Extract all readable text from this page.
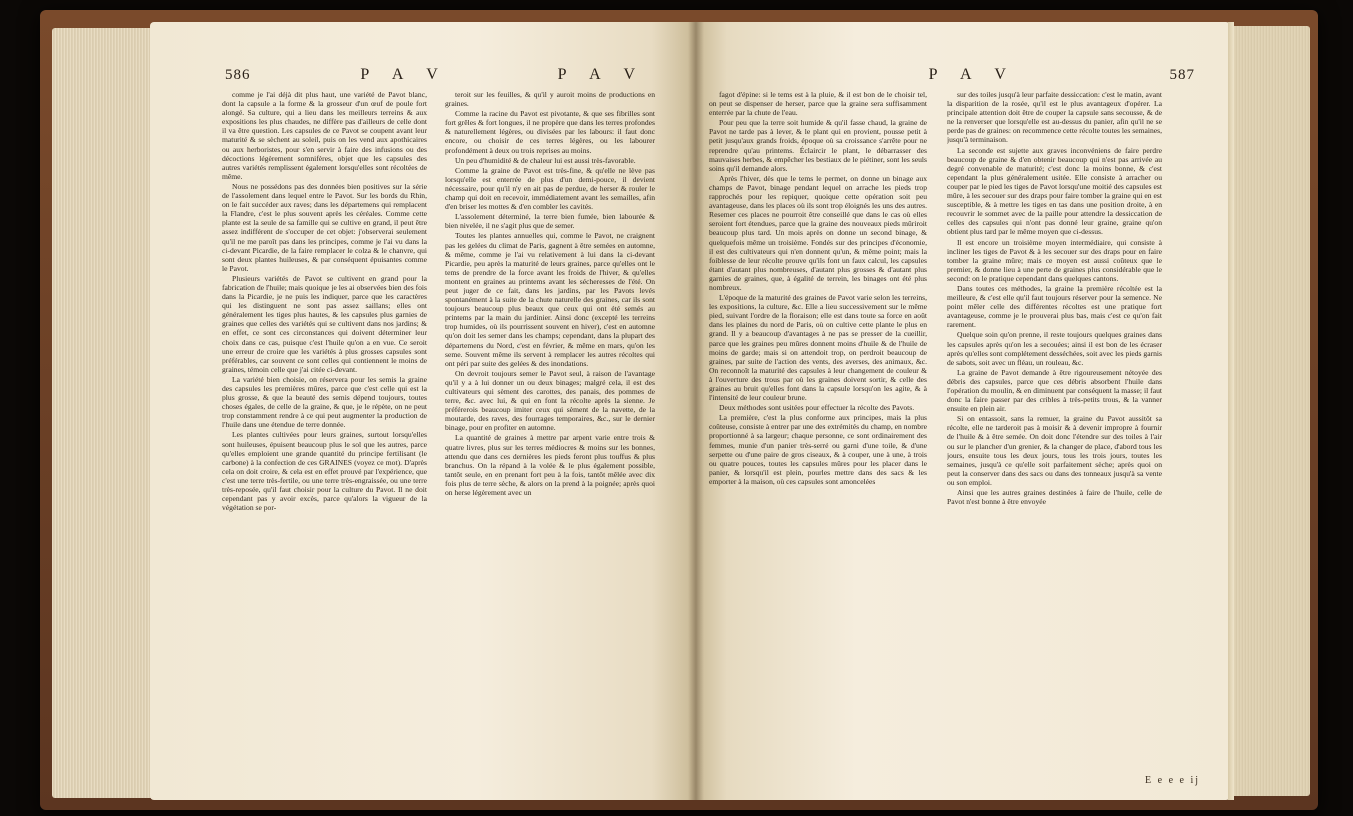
586	P A V	P A V

comme je l'ai déjà dit plus haut, une variété de Pavot blanc, dont la capsule a la forme & la grosseur d'un œuf de poule fort alongé. Sa culture, qui a lieu dans les meilleurs terreins & aux expositions les plus chaudes, ne diffère pas d'ailleurs de celle dont il va être question. Les capsules de ce Pavot se coupent avant leur maturité & se sèchent au soleil, puis on les vend aux apothicaires ou aux herboristes, pour s'en servir à faire des infusions ou des décoctions légèrement somnifères, objet que les capsules des autres variétés remplissent également lorsqu'elles sont récoltées de même.

Nous ne possédons pas des données bien positives sur la série de l'assolement dans lequel entre le Pavot. Sur les bords du Rhin, on le fait succéder aux raves; dans les départemens qui remplacent la Flandre, c'est le plus souvent après les céréales. Comme cette plante est la seule de sa famille qui se cultive en grand, il peut être assez indifférent de s'occuper de cet objet: j'observerai seulement qu'il ne me paroît pas dans les principes, comme je l'ai vu dans la ci-devant Picardie, de la faire remplacer le colza & le chanvre, qui sont deux plantes huileuses, & par conséquent épuisantes comme le Pavot.

Plusieurs variétés de Pavot se cultivent en grand pour la fabrication de l'huile; mais quoique je les ai observées bien des fois dans la Picardie, je ne puis les indiquer, parce que les caractères qui les distinguent ne sont pas assez saillans; elles ont généralement les tiges plus hautes, & les capsules plus garnies de graines que celles des variétés qui se cultivent dans nos jardins; & en effet, ce sont ces circonstances qui doivent déterminer leur choix dans ce cas, puisque c'est l'huile qu'on a en vue. Ce seroit une erreur de croire que les variétés à plus grosses capsules sont préférables, car souvent ce sont celles qui contiennent le moins de graines, témoin celle que j'ai citée ci-devant.

La variété bien choisie, on réservera pour les semis la graine des capsules les premières mûres, parce que c'est celle qui est la plus grosse, & que la beauté des semis dépend toujours, toutes choses égales, de celle de la graine, & que, je le répète, on ne peut trop constamment rendre à ce qui peut augmenter la production de l'huile dans une étendue de terre donnée.

Les plantes cultivées pour leurs graines, surtout lorsqu'elles sont huileuses, épuisent beaucoup plus le sol que les autres, parce qu'elles emploient une grande quantité du principe fertilisant (le carbone) à la confection de ces GRAINES (voyez ce mot). D'après cela on doit croire, & cela est en effet prouvé par l'expérience, que c'est une terre très-fertile, ou une terre très-engraissée, ou une terre très-reposée, qu'il faut choisir pour la culture du Pavot. Il ne doit cependant pas y avoir excès, parce qu'alors la vigueur de la végétation se por-

teroit sur les feuilles, & qu'il y auroit moins de productions en graines.

Comme la racine du Pavot est pivotante, & que ses fibrilles sont fort grêles & fort longues, il ne propère que dans les terres profondes & naturellement légères, ou divisées par les labours: il faut donc encore, ou choisir de ces terres légères, ou les labourer profondément à deux ou trois reprises au moins.

Un peu d'humidité & de chaleur lui est aussi très-favorable.

Comme la graine de Pavot est très-fine, & qu'elle ne lève pas lorsqu'elle est enterrée de plus d'un demi-pouce, il devient nécessaire, pour qu'il n'y en ait pas de perdue, de herser & rouler le champ qui doit en recevoir, immédiatement avant les semailles, afin d'en briser les mottes & d'en combler les cavités.

L'assolement déterminé, la terre bien fumée, bien labourée & bien nivelée, il ne s'agit plus que de semer.

Toutes les plantes annuelles qui, comme le Pavot, ne craignent pas les gelées du climat de Paris, gagnent à être semées en automne, & même, comme je l'ai vu relativement à lui dans la ci-devant Picardie, peu après la maturité de leurs graines, parce qu'elles ont le tems de prendre de la force avant les froids de l'hiver, & qu'elles montent en graines au printems avant les sécheresses de l'été. On peut juger de ce fait, dans les jardins, par les Pavots levés spontanément à la suite de la chute naturelle des graines, car ils sont toujours beaucoup plus beaux que ceux qui ont été semés au printems par la main du jardinier. Ainsi donc (excepté les terreins trop humides, où ils pourrissent souvent en hiver), c'est en automne qu'on doit les semer dans les champs; cependant, dans la plupart des départemens du Nord, c'est en février, & même en mars, qu'on les seme. Souvent même ils servent à remplacer les autres récoltes qui ont péri par suite des gelées & des inondations.

On devroit toujours semer le Pavot seul, à raison de l'avantage qu'il y a à lui donner un ou deux binages; malgré cela, il est des cultivateurs qui sèment des carottes, des panais, des pommes de terre, &c. avec lui, & qui en font la récolte après la sienne. Je préférerois beaucoup imiter ceux qui sèment de la navette, de la moutarde, des raves, des fourrages temporaires, &c., sur le dernier binage, pour en profiter en automne.

La quantité de graines à mettre par arpent varie entre trois & quatre livres, plus sur les terres médiocres & moins sur les bonnes, attendu que dans ces dernières les pieds feront plus touffus & plus branchus. On la répand à la volée & le plus également possible, tantôt seule, en en prenant fort peu à la fois, tantôt mêlée avec dix fois plus de terre sèche, & alors on la prend à la poignée; après quoi on herse légèrement avec un

P A V	587

fagot d'épine: si le tems est à la pluie, & il est bon de le choisir tel, on peut se dispenser de herser, parce que la graine sera suffisamment enterrée par la chute de l'eau.

Pour peu que la terre soit humide & qu'il fasse chaud, la graine de Pavot ne tarde pas à lever, & le plant qui en provient, pousse petit à petit jusqu'aux grands froids, époque où sa croissance s'arrête pour ne reprendre qu'au printems. Éclaircir le plant, le débarrasser des mauvaises herbes, & empêcher les bestiaux de le piétiner, sont les seuls soins qu'il demande alors.

Après l'hiver, dès que le tems le permet, on donne un binage aux champs de Pavot, binage pendant lequel on arrache les pieds trop rapprochés pour les repiquer, quoique cette opération soit peu avantageuse, dans les places où ils sont trop éloignés les uns des autres. Resemer ces places ne pourroit être conseillé que dans le cas où elles seroient fort étendues, parce que la graine des nouveaux pieds mûriroit beaucoup plus tard. Un mois après on donne un second binage, & quelquefois même un troisième. Fondés sur des principes d'économie, il est des cultivateurs qui n'en donnent qu'un, & même point; mais la foiblesse de leur récolte prouve qu'ils font un faux calcul, les capsules étant d'autant plus nombreuses, d'autant plus grosses & d'autant plus garnies de graines, que, à égalité de terrein, les binages ont été plus nombreux.

L'époque de la maturité des graines de Pavot varie selon les terreins, les expositions, la culture, &c. Elle a lieu successivement sur le même pied, suivant l'ordre de la floraison; elle est dans toute sa force en août dans les plaines du nord de Paris, où on cultive cette plante le plus en grand. Il y a beaucoup d'avantages à ne pas se presser de la cueillir, parce que les graines peu mûres donnent moins d'huile & de l'huile de moins de garde; mais si on attendoit trop, on perdroit beaucoup de graines, par suite de l'action des vents, des averses, des animaux, &c. On reconnoît la maturité des capsules à leur changement de couleur & à l'ouverture des trous par où les graines doivent sortir, & celle des graines au bruit qu'elles font dans la capsule lorsqu'on les agite, & à l'intensité de leur couleur brune.

Deux méthodes sont usitées pour effectuer la récolte des Pavots.

La première, c'est la plus conforme aux principes, mais la plus coûteuse, consiste à entrer par une des extrémités du champ, en nombre proportionné à sa largeur; chaque personne, ce sont ordinairement des femmes, munie d'un panier très-serré ou garni d'une toile, & d'une serpette ou d'une paire de gros ciseaux, & à couper, une à une, à trois ou quatre pouces, toutes les capsules mûres pour les placer dans le panier, & lorsqu'il est plein, pourles mettre dans des sacs & les emporter à la maison, où ces capsules sont amoncelées

sur des toiles jusqu'à leur parfaite dessiccation: c'est le matin, avant la disparition de la rosée, qu'il est le plus avantageux d'opérer. La principale attention doit être de couper la capsule sans secousse, & de ne la renverser que lorsqu'elle est au-dessus du panier, afin qu'il ne se perde pas de graines: on recommence cette récolte toutes les semaines, jusqu'à terminaison.

La seconde est sujette aux graves inconvéniens de faire perdre beaucoup de graine & d'en obtenir beaucoup qui n'est pas arrivée au degré convenable de maturité; c'est donc la moins bonne, & c'est cependant la plus généralement usitée. Elle consiste à arracher ou couper par le pied les tiges de Pavot lorsqu'une moitié des capsules est mûre, à les secouer sur des draps pour faire tomber la graine qui en est susceptible, & à mettre les tiges en tas dans une position droite, à en recouvrir le sommet avec de la paille pour attendre la dessiccation de celles des capsules qui n'ont pas donné leur graine, graine qu'on obtient plus tard par le même moyen que ci-dessus.

Il est encore un troisième moyen intermédiaire, qui consiste à incliner les tiges de Pavot & à les secouer sur des draps pour en faire tomber la graine mûre; mais ce moyen est aussi coûteux que le premier, & donne lieu à une perte de graines plus considérable que le second: on le pratique cependant dans quelques cantons.

Dans toutes ces méthodes, la graine la première récoltée est la meilleure, & c'est elle qu'il faut toujours réserver pour la semence. Ne point mêler celle des différentes récoltes est une pratique fort avantageuse, comme je le prouverai plus bas, mais c'est ce qu'on fait rarement.

Quelque soin qu'on prenne, il reste toujours quelques graines dans les capsules après qu'on les a secouées; ainsi il est bon de les écraser après qu'elles sont complétement desséchées, soit avec les pieds garnis de sabots, soit avec un fléau, un rouleau, &c.

La graine de Pavot demande à être rigoureusement nétoyée des débris des capsules, parce que ces débris absorbent l'huile dans l'opération du moulin, & en diminuent par conséquent la masse; il faut donc la faire passer par des cribles à très-petits trous, & la vanner ensuite en plein air.

Si on entassoit, sans la remuer, la graine du Pavot aussitôt sa récolte, elle ne tarderoit pas à moisir & à devenir impropre à fournir de l'huile & à être semée. On doit donc l'étendre sur des toiles à l'air ou sur le plancher d'un grenier, & la changer de place, d'abord tous les jours, ensuite tous les deux jours, tous les trois jours, toutes les semaines, jusqu'à ce qu'elle soit parfaitement sèche; après quoi on peut la conserver dans des sacs ou dans des tonneaux jusqu'à sa vente ou son emploi.

Ainsi que les autres graines destinées à faire de l'huile, celle de Pavot n'est bonne à être envoyée

E e e e ij
